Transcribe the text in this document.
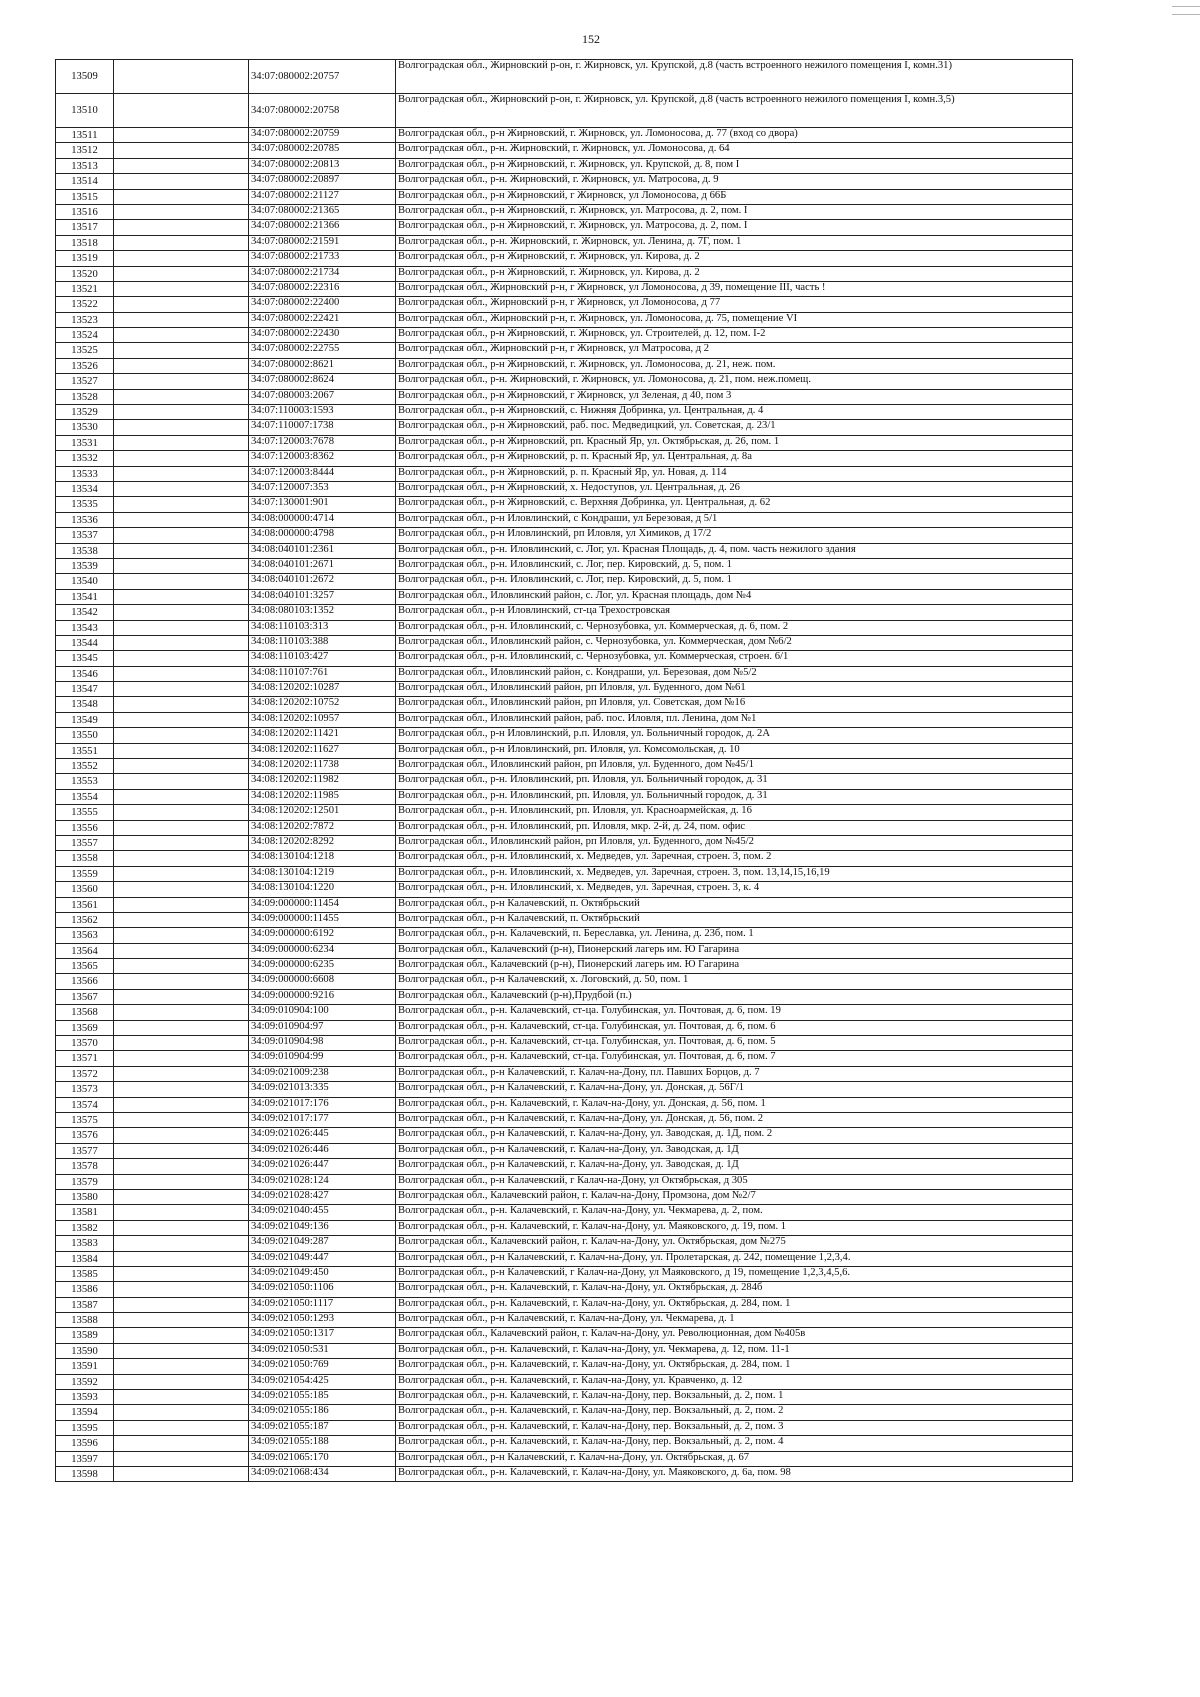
152
13509		34:07:080002:20757	Волгоградская обл., Жирновский р-он, г. Жирновск, ул. Крупской, д.8 (часть встроенного нежилого помещения I, комн.31)
13510		34:07:080002:20758	Волгоградская обл., Жирновский р-он, г. Жирновск, ул. Крупской, д.8 (часть встроенного нежилого помещения I, комн.3,5)
13511		34:07:080002:20759	Волгоградская обл., р-н Жирновский, г. Жирновск, ул. Ломоносова, д. 77 (вход со двора)
13512		34:07:080002:20785	Волгоградская обл., р-н. Жирновский, г. Жирновск, ул. Ломоносова, д. 64
13513		34:07:080002:20813	Волгоградская обл., р-н Жирновский, г. Жирновск, ул. Крупской, д. 8, пом I
13514		34:07:080002:20897	Волгоградская обл., р-н. Жирновский, г. Жирновск, ул. Матросова, д. 9
13515		34:07:080002:21127	Волгоградская обл., р-н Жирновский, г Жирновск, ул Ломоносова, д 66Б
13516		34:07:080002:21365	Волгоградская обл., р-н Жирновский, г. Жирновск, ул. Матросова, д. 2, пом. I
13517		34:07:080002:21366	Волгоградская обл., р-н Жирновский, г. Жирновск, ул. Матросова, д. 2, пом. I
13518		34:07:080002:21591	Волгоградская обл., р-н. Жирновский, г. Жирновск, ул. Ленина, д. 7Г, пом. 1
13519		34:07:080002:21733	Волгоградская обл., р-н Жирновский, г. Жирновск, ул. Кирова, д. 2
13520		34:07:080002:21734	Волгоградская обл., р-н Жирновский, г. Жирновск, ул. Кирова, д. 2
13521		34:07:080002:22316	Волгоградская обл., Жирновский р-н, г Жирновск, ул Ломоносова, д 39, помещение III, часть !
13522		34:07:080002:22400	Волгоградская обл., Жирновский р-н, г Жирновск, ул Ломоносова, д 77
13523		34:07:080002:22421	Волгоградская обл., Жирновский р-н, г. Жирновск, ул. Ломоносова, д. 75, помещение VI
13524		34:07:080002:22430	Волгоградская обл., р-н Жирновский, г. Жирновск, ул. Строителей, д. 12, пом. I-2
13525		34:07:080002:22755	Волгоградская обл., Жирновский р-н, г Жирновск, ул Матросова, д 2
13526		34:07:080002:8621	Волгоградская обл., р-н Жирновский, г. Жирновск, ул. Ломоносова, д. 21, неж. пом.
13527		34:07:080002:8624	Волгоградская обл., р-н. Жирновский, г. Жирновск, ул. Ломоносова, д. 21, пом. неж.помещ.
13528		34:07:080003:2067	Волгоградская обл., р-н Жирновский, г Жирновск, ул Зеленая, д 40, пом 3
13529		34:07:110003:1593	Волгоградская обл., р-н Жирновский, с. Нижняя Добринка, ул. Центральная, д. 4
13530		34:07:110007:1738	Волгоградская обл., р-н Жирновский, раб. пос. Медведицкий, ул. Советская, д. 23/1
13531		34:07:120003:7678	Волгоградская обл., р-н Жирновский, рп. Красный Яр, ул. Октябрьская, д. 26, пом. 1
13532		34:07:120003:8362	Волгоградская обл., р-н Жирновский, р. п. Красный Яр, ул. Центральная, д. 8а
13533		34:07:120003:8444	Волгоградская обл., р-н Жирновский, р. п. Красный Яр, ул. Новая, д. 114
13534		34:07:120007:353	Волгоградская обл., р-н Жирновский, х. Недоступов, ул. Центральная, д. 26
13535		34:07:130001:901	Волгоградская обл., р-н Жирновский, с. Верхняя Добринка, ул. Центральная, д. 62
13536		34:08:000000:4714	Волгоградская обл., р-н Иловлинский, с Кондраши, ул Березовая, д 5/1
13537		34:08:000000:4798	Волгоградская обл., р-н Иловлинский, рп Иловля, ул Химиков, д 17/2
13538		34:08:040101:2361	Волгоградская обл., р-н. Иловлинский, с. Лог, ул. Красная Площадь, д. 4, пом. часть нежилого здания
13539		34:08:040101:2671	Волгоградская обл., р-н. Иловлинский, с. Лог, пер. Кировский, д. 5, пом. 1
13540		34:08:040101:2672	Волгоградская обл., р-н. Иловлинский, с. Лог, пер. Кировский, д. 5, пом. 1
13541		34:08:040101:3257	Волгоградская обл., Иловлинский район, с. Лог, ул. Красная площадь, дом №4
13542		34:08:080103:1352	Волгоградская обл., р-н Иловлинский, ст-ца Трехостровская
13543		34:08:110103:313	Волгоградская обл., р-н. Иловлинский, с. Чернозубовка, ул. Коммерческая, д. 6, пом. 2
13544		34:08:110103:388	Волгоградская обл., Иловлинский район, с. Чернозубовка, ул. Коммерческая, дом №6/2
13545		34:08:110103:427	Волгоградская обл., р-н. Иловлинский, с. Чернозубовка, ул. Коммерческая, строен. 6/1
13546		34:08:110107:761	Волгоградская обл., Иловлинский район, с. Кондраши, ул. Березовая, дом №5/2
13547		34:08:120202:10287	Волгоградская обл., Иловлинский район, рп Иловля, ул. Буденного, дом №61
13548		34:08:120202:10752	Волгоградская обл., Иловлинский район, рп Иловля, ул. Советская, дом №16
13549		34:08:120202:10957	Волгоградская обл., Иловлинский район, раб. пос. Иловля, пл. Ленина, дом №1
13550		34:08:120202:11421	Волгоградская обл., р-н Иловлинский, р.п. Иловля, ул. Больничный городок, д. 2А
13551		34:08:120202:11627	Волгоградская обл., р-н Иловлинский, рп. Иловля, ул. Комсомольская, д. 10
13552		34:08:120202:11738	Волгоградская обл., Иловлинский район, рп Иловля, ул. Буденного, дом №45/1
13553		34:08:120202:11982	Волгоградская обл., р-н. Иловлинский, рп. Иловля, ул. Больничный городок, д. 31
13554		34:08:120202:11985	Волгоградская обл., р-н. Иловлинский, рп. Иловля, ул. Больничный городок, д. 31
13555		34:08:120202:12501	Волгоградская обл., р-н. Иловлинский, рп. Иловля, ул. Красноармейская, д. 16
13556		34:08:120202:7872	Волгоградская обл., р-н. Иловлинский, рп. Иловля, мкр. 2-й, д. 24, пом. офис
13557		34:08:120202:8292	Волгоградская обл., Иловлинский район, рп Иловля, ул. Буденного, дом №45/2
13558		34:08:130104:1218	Волгоградская обл., р-н. Иловлинский, х. Медведев, ул. Заречная, строен. 3, пом. 2
13559		34:08:130104:1219	Волгоградская обл., р-н. Иловлинский, х. Медведев, ул. Заречная, строен. 3, пом. 13,14,15,16,19
13560		34:08:130104:1220	Волгоградская обл., р-н. Иловлинский, х. Медведев, ул. Заречная, строен. 3, к. 4
13561		34:09:000000:11454	Волгоградская обл., р-н Калачевский, п. Октябрьский
13562		34:09:000000:11455	Волгоградская обл., р-н Калачевский, п. Октябрьский
13563		34:09:000000:6192	Волгоградская обл., р-н. Калачевский, п. Береславка, ул. Ленина, д. 23б, пом. 1
13564		34:09:000000:6234	Волгоградская обл., Калачевский (р-н), Пионерский лагерь им. Ю Гагарина
13565		34:09:000000:6235	Волгоградская обл., Калачевский (р-н), Пионерский лагерь им. Ю Гагарина
13566		34:09:000000:6608	Волгоградская обл., р-н Калачевский, х. Логовский, д. 50, пом. 1
13567		34:09:000000:9216	Волгоградская обл., Калачевский (р-н),Прудбой (п.)
13568		34:09:010904:100	Волгоградская обл., р-н. Калачевский, ст-ца. Голубинская, ул. Почтовая, д. 6, пом. 19
13569		34:09:010904:97	Волгоградская обл., р-н. Калачевский, ст-ца. Голубинская, ул. Почтовая, д. 6, пом. 6
13570		34:09:010904:98	Волгоградская обл., р-н. Калачевский, ст-ца. Голубинская, ул. Почтовая, д. 6, пом. 5
13571		34:09:010904:99	Волгоградская обл., р-н. Калачевский, ст-ца. Голубинская, ул. Почтовая, д. 6, пом. 7
13572		34:09:021009:238	Волгоградская обл., р-н Калачевский, г. Калач-на-Дону, пл. Павших Борцов, д. 7
13573		34:09:021013:335	Волгоградская обл., р-н Калачевский, г. Калач-на-Дону, ул. Донская, д. 56Г/1
13574		34:09:021017:176	Волгоградская обл., р-н. Калачевский, г. Калач-на-Дону, ул. Донская, д. 56, пом. 1
13575		34:09:021017:177	Волгоградская обл., р-н Калачевский, г. Калач-на-Дону, ул. Донская, д. 56, пом. 2
13576		34:09:021026:445	Волгоградская обл., р-н Калачевский, г. Калач-на-Дону, ул. Заводская, д. 1Д, пом. 2
13577		34:09:021026:446	Волгоградская обл., р-н Калачевский, г. Калач-на-Дону, ул. Заводская, д. 1Д
13578		34:09:021026:447	Волгоградская обл., р-н Калачевский, г. Калач-на-Дону, ул. Заводская, д. 1Д
13579		34:09:021028:124	Волгоградская обл., р-н Калачевский, г Калач-на-Дону, ул Октябрьская, д 305
13580		34:09:021028:427	Волгоградская обл., Калачевский район, г. Калач-на-Дону, Промзона, дом №2/7
13581		34:09:021040:455	Волгоградская обл., р-н. Калачевский, г. Калач-на-Дону, ул. Чекмарева, д. 2, пом.
13582		34:09:021049:136	Волгоградская обл., р-н. Калачевский, г. Калач-на-Дону, ул. Маяковского, д. 19, пом. 1
13583		34:09:021049:287	Волгоградская обл., Калачевский район, г. Калач-на-Дону, ул. Октябрьская, дом №275
13584		34:09:021049:447	Волгоградская обл., р-н Калачевский, г. Калач-на-Дону, ул. Пролетарская, д. 242, помещение 1,2,3,4.
13585		34:09:021049:450	Волгоградская обл., р-н Калачевский, г Калач-на-Дону, ул Маяковского, д 19, помещение 1,2,3,4,5,6.
13586		34:09:021050:1106	Волгоградская обл., р-н. Калачевский, г. Калач-на-Дону, ул. Октябрьская, д. 284б
13587		34:09:021050:1117	Волгоградская обл., р-н. Калачевский, г. Калач-на-Дону, ул. Октябрьская, д. 284, пом. 1
13588		34:09:021050:1293	Волгоградская обл., р-н Калачевский, г. Калач-на-Дону, ул. Чекмарева, д. 1
13589		34:09:021050:1317	Волгоградская обл., Калачевский район, г. Калач-на-Дону, ул. Революционная, дом №405в
13590		34:09:021050:531	Волгоградская обл., р-н. Калачевский, г. Калач-на-Дону, ул. Чекмарева, д. 12, пом. 11-1
13591		34:09:021050:769	Волгоградская обл., р-н. Калачевский, г. Калач-на-Дону, ул. Октябрьская, д. 284, пом. 1
13592		34:09:021054:425	Волгоградская обл., р-н. Калачевский, г. Калач-на-Дону, ул. Кравченко, д. 12
13593		34:09:021055:185	Волгоградская обл., р-н. Калачевский, г. Калач-на-Дону, пер. Вокзальный, д. 2, пом. 1
13594		34:09:021055:186	Волгоградская обл., р-н. Калачевский, г. Калач-на-Дону, пер. Вокзальный, д. 2, пом. 2
13595		34:09:021055:187	Волгоградская обл., р-н. Калачевский, г. Калач-на-Дону, пер. Вокзальный, д. 2, пом. 3
13596		34:09:021055:188	Волгоградская обл., р-н. Калачевский, г. Калач-на-Дону, пер. Вокзальный, д. 2, пом. 4
13597		34:09:021065:170	Волгоградская обл., р-н Калачевский, г. Калач-на-Дону, ул. Октябрьская, д. 67
13598		34:09:021068:434	Волгоградская обл., р-н. Калачевский, г. Калач-на-Дону, ул. Маяковского, д. 6а, пом. 98
